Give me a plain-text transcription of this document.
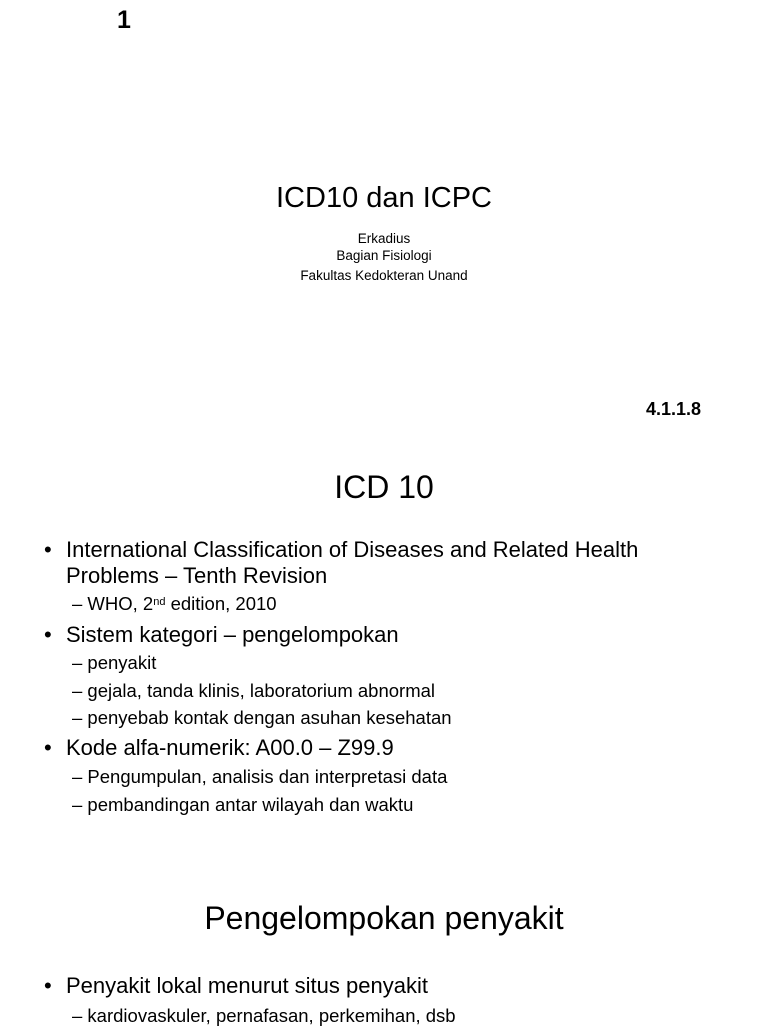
1
ICD10 dan ICPC
Erkadius
Bagian Fisiologi
Fakultas Kedokteran Unand
4.1.1.8
ICD 10
• International Classification of Diseases and Related Health Problems – Tenth Revision
– WHO, 2nd edition, 2010
• Sistem kategori – pengelompokan
– penyakit
– gejala, tanda klinis, laboratorium abnormal
– penyebab kontak dengan asuhan kesehatan
• Kode alfa-numerik: A00.0 – Z99.9
– Pengumpulan, analisis dan interpretasi data
– pembandingan antar wilayah dan waktu
Pengelompokan penyakit
• Penyakit lokal menurut situs penyakit
– kardiovaskuler, pernafasan, perkemihan, dsb
